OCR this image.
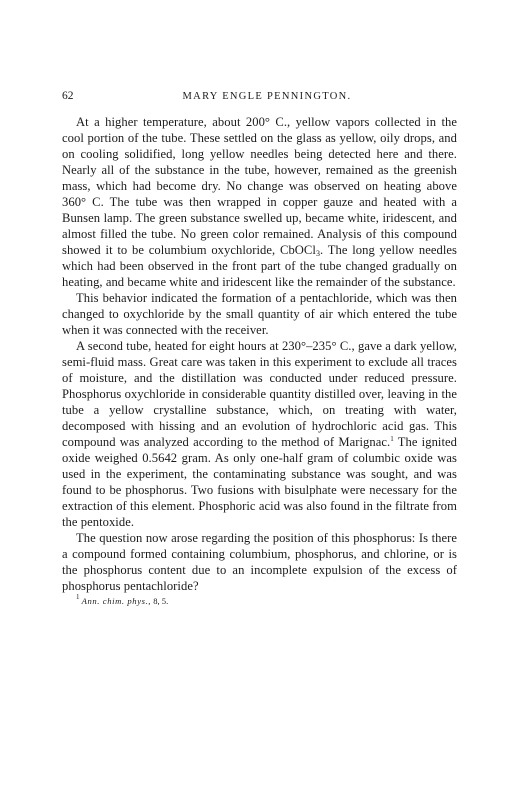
62	MARY ENGLE PENNINGTON.

At a higher temperature, about 200° C., yellow vapors collected in the cool portion of the tube. These settled on the glass as yellow, oily drops, and on cooling solidified, long yellow needles being detected here and there. Nearly all of the substance in the tube, however, remained as the greenish mass, which had become dry. No change was observed on heating above 360° C. The tube was then wrapped in copper gauze and heated with a Bunsen lamp. The green substance swelled up, became white, iridescent, and almost filled the tube. No green color remained. Analysis of this compound showed it to be columbium oxychloride, CbOCl$_3$. The long yellow needles which had been observed in the front part of the tube changed gradually on heating, and became white and iridescent like the remainder of the substance.

This behavior indicated the formation of a pentachloride, which was then changed to oxychloride by the small quantity of air which entered the tube when it was connected with the receiver.

A second tube, heated for eight hours at 230°–235° C., gave a dark yellow, semi-fluid mass. Great care was taken in this experiment to exclude all traces of moisture, and the distillation was conducted under reduced pressure. Phosphorus oxychloride in considerable quantity distilled over, leaving in the tube a yellow crystalline substance, which, on treating with water, decomposed with hissing and an evolution of hydrochloric acid gas. This compound was analyzed according to the method of Marignac.$^1$ The ignited oxide weighed 0.5642 gram. As only one-half gram of columbic oxide was used in the experiment, the contaminating substance was sought, and was found to be phosphorus. Two fusions with bisulphate were necessary for the extraction of this element. Phosphoric acid was also found in the filtrate from the pentoxide.

The question now arose regarding the position of this phosphorus: Is there a compound formed containing columbium, phosphorus, and chlorine, or is the phosphorus content due to an incomplete expulsion of the excess of phosphorus pentachloride?

$^1$ Ann. chim. phys., 8, 5.
